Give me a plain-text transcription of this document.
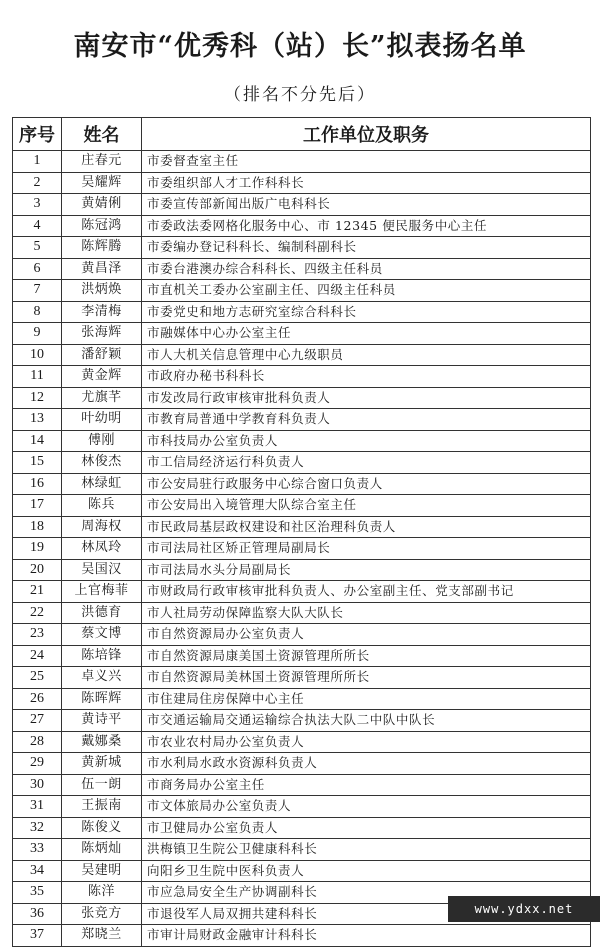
南安市“优秀科（站）长”拟表扬名单
（排名不分先后）
序号	姓名	工作单位及职务
1	庄春元	市委督查室主任
2	吴耀辉	市委组织部人才工作科科长
3	黄婧俐	市委宣传部新闻出版广电科科长
4	陈冠鸿	市委政法委网格化服务中心、市 12345 便民服务中心主任
5	陈辉腾	市委编办登记科科长、编制科副科长
6	黄昌泽	市委台港澳办综合科科长、四级主任科员
7	洪炳焕	市直机关工委办公室副主任、四级主任科员
8	李清梅	市委党史和地方志研究室综合科科长
9	张海辉	市融媒体中心办公室主任
10	潘舒颖	市人大机关信息管理中心九级职员
11	黄金辉	市政府办秘书科科长
12	尤旗芊	市发改局行政审核审批科负责人
13	叶幼明	市教育局普通中学教育科负责人
14	傅刚	市科技局办公室负责人
15	林俊杰	市工信局经济运行科负责人
16	林绿虹	市公安局驻行政服务中心综合窗口负责人
17	陈兵	市公安局出入境管理大队综合室主任
18	周海权	市民政局基层政权建设和社区治理科负责人
19	林凤玲	市司法局社区矫正管理局副局长
20	吴国汉	市司法局水头分局副局长
21	上官梅菲	市财政局行政审核审批科负责人、办公室副主任、党支部副书记
22	洪德育	市人社局劳动保障监察大队大队长
23	蔡文博	市自然资源局办公室负责人
24	陈培锋	市自然资源局康美国土资源管理所所长
25	卓义兴	市自然资源局美林国土资源管理所所长
26	陈晖辉	市住建局住房保障中心主任
27	黄诗平	市交通运输局交通运输综合执法大队二中队中队长
28	戴娜桑	市农业农村局办公室负责人
29	黄新城	市水利局水政水资源科负责人
30	伍一朗	市商务局办公室主任
31	王振南	市文体旅局办公室负责人
32	陈俊义	市卫健局办公室负责人
33	陈炳灿	洪梅镇卫生院公卫健康科科长
34	吴建明	向阳乡卫生院中医科负责人
35	陈洋	市应急局安全生产协调副科长
36	张竞方	市退役军人局双拥共建科科长
37	郑晓兰	市审计局财政金融审计科科长
www.ydxx.net
